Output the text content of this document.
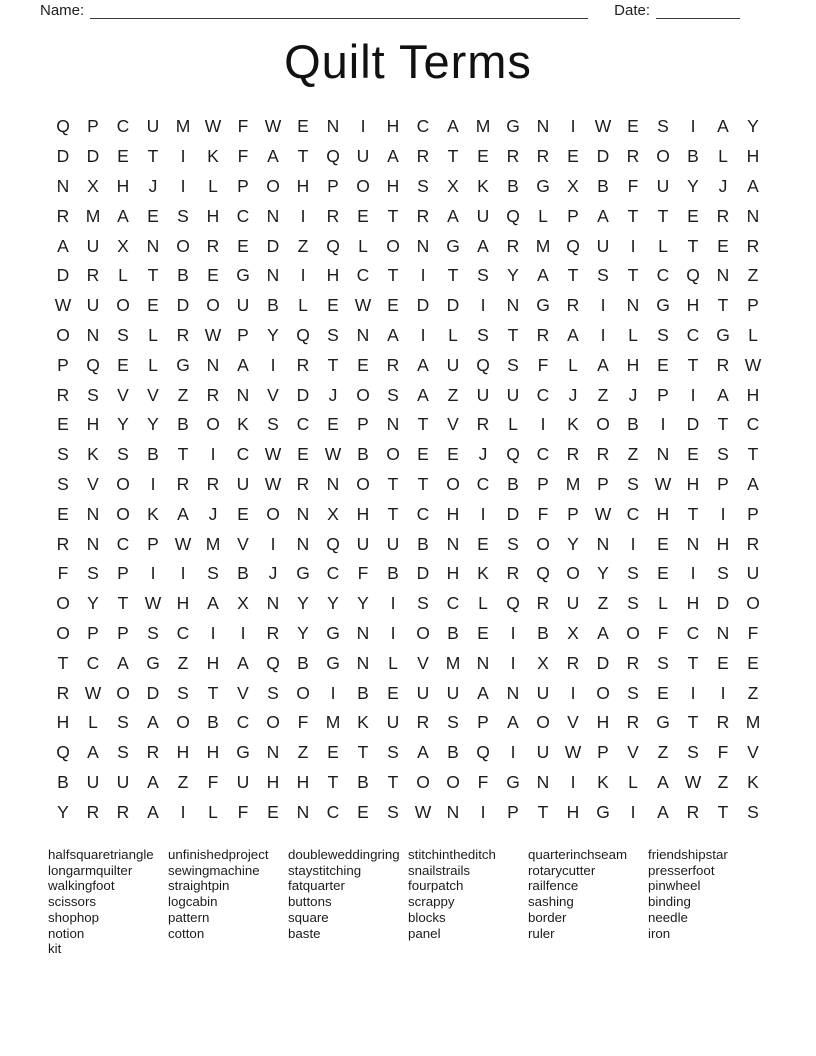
Name:	Date:
Quilt Terms
Q P	C U M W F W E	N	I	H C	A M G N	I	W E	S	I	A	Y
D D	E	T	I	K	F	A	T	Q U	A	R	T	E	R R	E	D R O B	L	H
N	X	H	J	I	L	P O H	P O H	S	X	K	B G X	B	F	U	Y	J	A
R M A	E	S	H C N	I	R	E	T	R	A	U Q	L	P	A	T	T	E	R N
A	U	X	N O R	E	D	Z	Q	L	O N G A	R M Q U	I	L	T	E	R
D R	L	T	B	E G N	I	H C	T	I	T	S	Y	A	T	S	T	C Q N	Z
W U O E	D O U	B	L	E W E	D D	I	N G R	I	N G H	T	P
O N	S	L	R W P	Y Q S	N	A	I	L	S	T	R	A	I	L	S	C G	L
P Q E	L	G N	A	I	R	T	E	R	A	U Q S	F	L	A	H	E	T	R W
R	S	V	V	Z	R N	V	D	J	O S	A	Z	U U C	J	Z	J	P	I	A	H
E	H	Y	Y	B O K	S	C	E	P	N	T	V	R	L	I	K O B	I	D	T	C
S	K	S	B	T	I	C W E W B O E	E	J	Q C R R	Z	N	E	S	T
S	V O	I	R R U W R N O	T	T	O C	B	P M P	S W H	P	A
E	N O K	A	J	E O N	X	H	T	C H	I	D	F	P W C H	T	I	P
R N C	P W M V	I	N Q U U	B	N	E	S O Y	N	I	E	N H R
F	S	P	I	I	S	B	J	G C	F	B	D H	K	R Q O Y	S	E	I	S	U
O Y	T W H	A	X	N	Y	Y	Y	I	S	C	L	Q R U	Z	S	L	H D O
O P	P	S	C	I	I	R	Y G N	I	O B	E	I	B	X	A O	F	C N	F
T	C	A G	Z	H	A Q B G N	L	V M N	I	X	R D R	S	T	E	E
R W O D	S	T	V	S O	I	B	E	U U	A	N U	I	O S	E	I	I	Z
H	L	S	A O B	C O	F M K	U R	S	P	A O V	H R G	T	R M
Q A	S	R H H G N	Z	E	T	S	A	B Q	I	U W P	V	Z	S	F	V
B	U U	A	Z	F	U H H	T	B	T	O O	F	G N	I	K	L	A W Z	K
Y	R R	A	I	L	F	E	N C	E	S W N	I	P	T	H G	I	A	R	T	S
halfsquaretriangle
longarmquilter
walkingfoot
scissors
shophop
notion
kit
unfinishedproject
sewingmachine
straightpin
logcabin
pattern
cotton
doubleweddingring
staystitching
fatquarter
buttons
square
baste
stitchintheditch
snailstrails
fourpatch
scrappy
blocks
panel
quarterinchseam
rotarycutter
railfence
sashing
border
ruler
friendshipstar
presserfoot
pinwheel
binding
needle
iron
